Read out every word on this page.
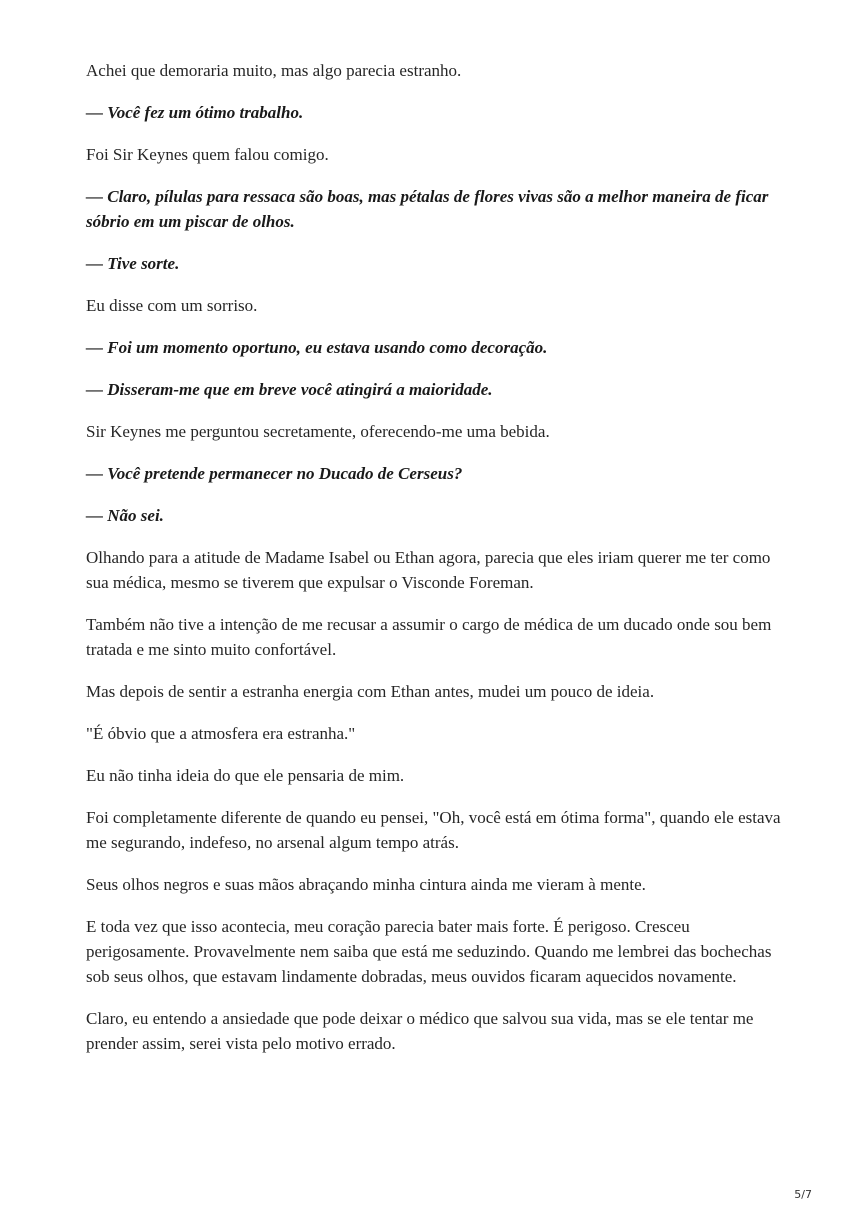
Achei que demoraria muito, mas algo parecia estranho.

— Você fez um ótimo trabalho.

Foi Sir Keynes quem falou comigo.

— Claro, pílulas para ressaca são boas, mas pétalas de flores vivas são a melhor maneira de ficar sóbrio em um piscar de olhos.

— Tive sorte.

Eu disse com um sorriso.

— Foi um momento oportuno, eu estava usando como decoração.

— Disseram-me que em breve você atingirá a maioridade.

Sir Keynes me perguntou secretamente, oferecendo-me uma bebida.

— Você pretende permanecer no Ducado de Cerseus?

— Não sei.

Olhando para a atitude de Madame Isabel ou Ethan agora, parecia que eles iriam querer me ter como sua médica, mesmo se tiverem que expulsar o Visconde Foreman.

Também não tive a intenção de me recusar a assumir o cargo de médica de um ducado onde sou bem tratada e me sinto muito confortável.

Mas depois de sentir a estranha energia com Ethan antes, mudei um pouco de ideia.

"É óbvio que a atmosfera era estranha."

Eu não tinha ideia do que ele pensaria de mim.

Foi completamente diferente de quando eu pensei, "Oh, você está em ótima forma", quando ele estava me segurando, indefeso, no arsenal algum tempo atrás.

Seus olhos negros e suas mãos abraçando minha cintura ainda me vieram à mente.

E toda vez que isso acontecia, meu coração parecia bater mais forte. É perigoso. Cresceu perigosamente. Provavelmente nem saiba que está me seduzindo. Quando me lembrei das bochechas sob seus olhos, que estavam lindamente dobradas, meus ouvidos ficaram aquecidos novamente.

Claro, eu entendo a ansiedade que pode deixar o médico que salvou sua vida, mas se ele tentar me prender assim, serei vista pelo motivo errado.

5/7
